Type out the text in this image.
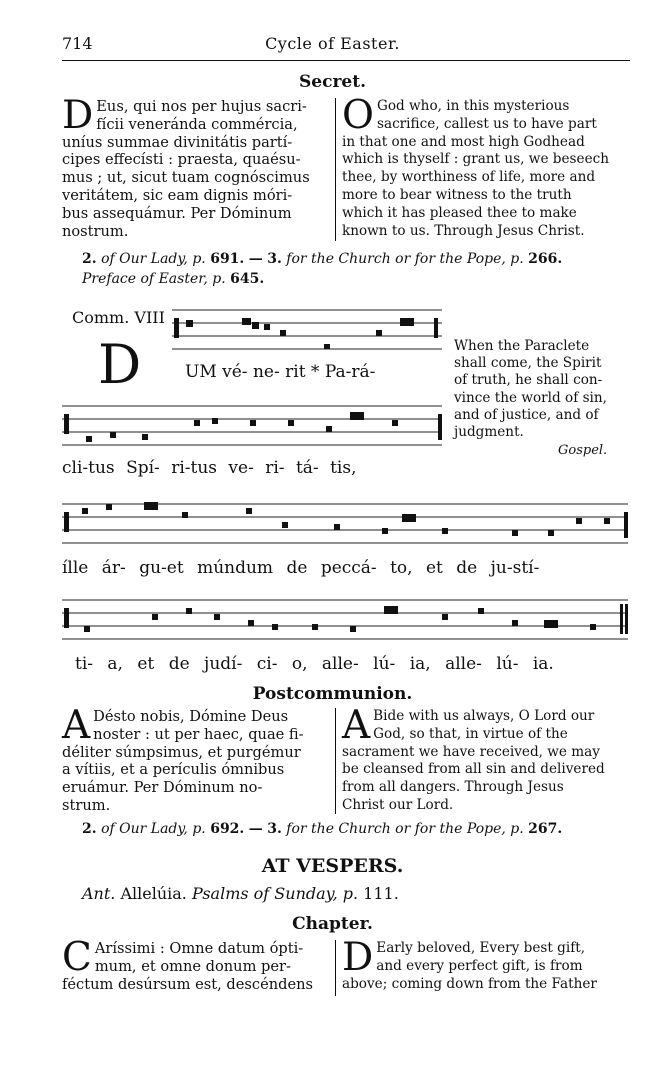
714	Cycle of Easter.
Secret.
D Eus, qui nos per hujus sacri-
fícii veneránda commércia,
uníus summae divinitátis partí-
cipes effecísti : praesta, quaésu-
mus ; ut, sicut tuam cognóscimus
veritátem, sic eam dignis móri-
bus assequámur. Per Dóminum
nostrum.
O God who, in this mysterious
sacrifice, callest us to have part
in that one and most high Godhead
which is thyself : grant us, we beseech
thee, by worthiness of life, more and
more to bear witness to the truth
which it has pleased thee to make
known to us. Through Jesus Christ.
2. of Our Lady, p. 691. — 3. for the Church or for the Pope, p. 266.
Preface of Easter, p. 645.
Comm. VIII
D	UM vé- ne- rit * Pa-rá-
cli-tus Spí- ri-tus ve- ri- tá- tis,
When the Paraclete
shall come, the Spirit
of truth, he shall con-
vince the world of sin,
and of justice, and of
judgment.
Gospel.
ílle ár- gu-et múndum de peccá- to, et de ju-stí-
ti- a, et de judí- ci- o, alle- lú- ia, alle- lú- ia.
Postcommunion.
A Désto nobis, Dómine Deus
noster : ut per haec, quae fi-
déliter súmpsimus, et purgémur
a vítiis, et a perículis ómnibus
eruámur. Per Dóminum no-
strum.
A Bide with us always, O Lord our
God, so that, in virtue of the
sacrament we have received, we may
be cleansed from all sin and delivered
from all dangers. Through Jesus
Christ our Lord.
2. of Our Lady, p. 692. — 3. for the Church or for the Pope, p. 267.
AT VESPERS.
Ant. Allelúia. Psalms of Sunday, p. 111.
Chapter.
C Aríssimi : Omne datum ópti-
mum, et omne donum per-
féctum desúrsum est, descéndens
D Early beloved, Every best gift,
and every perfect gift, is from
above; coming down from the Father
